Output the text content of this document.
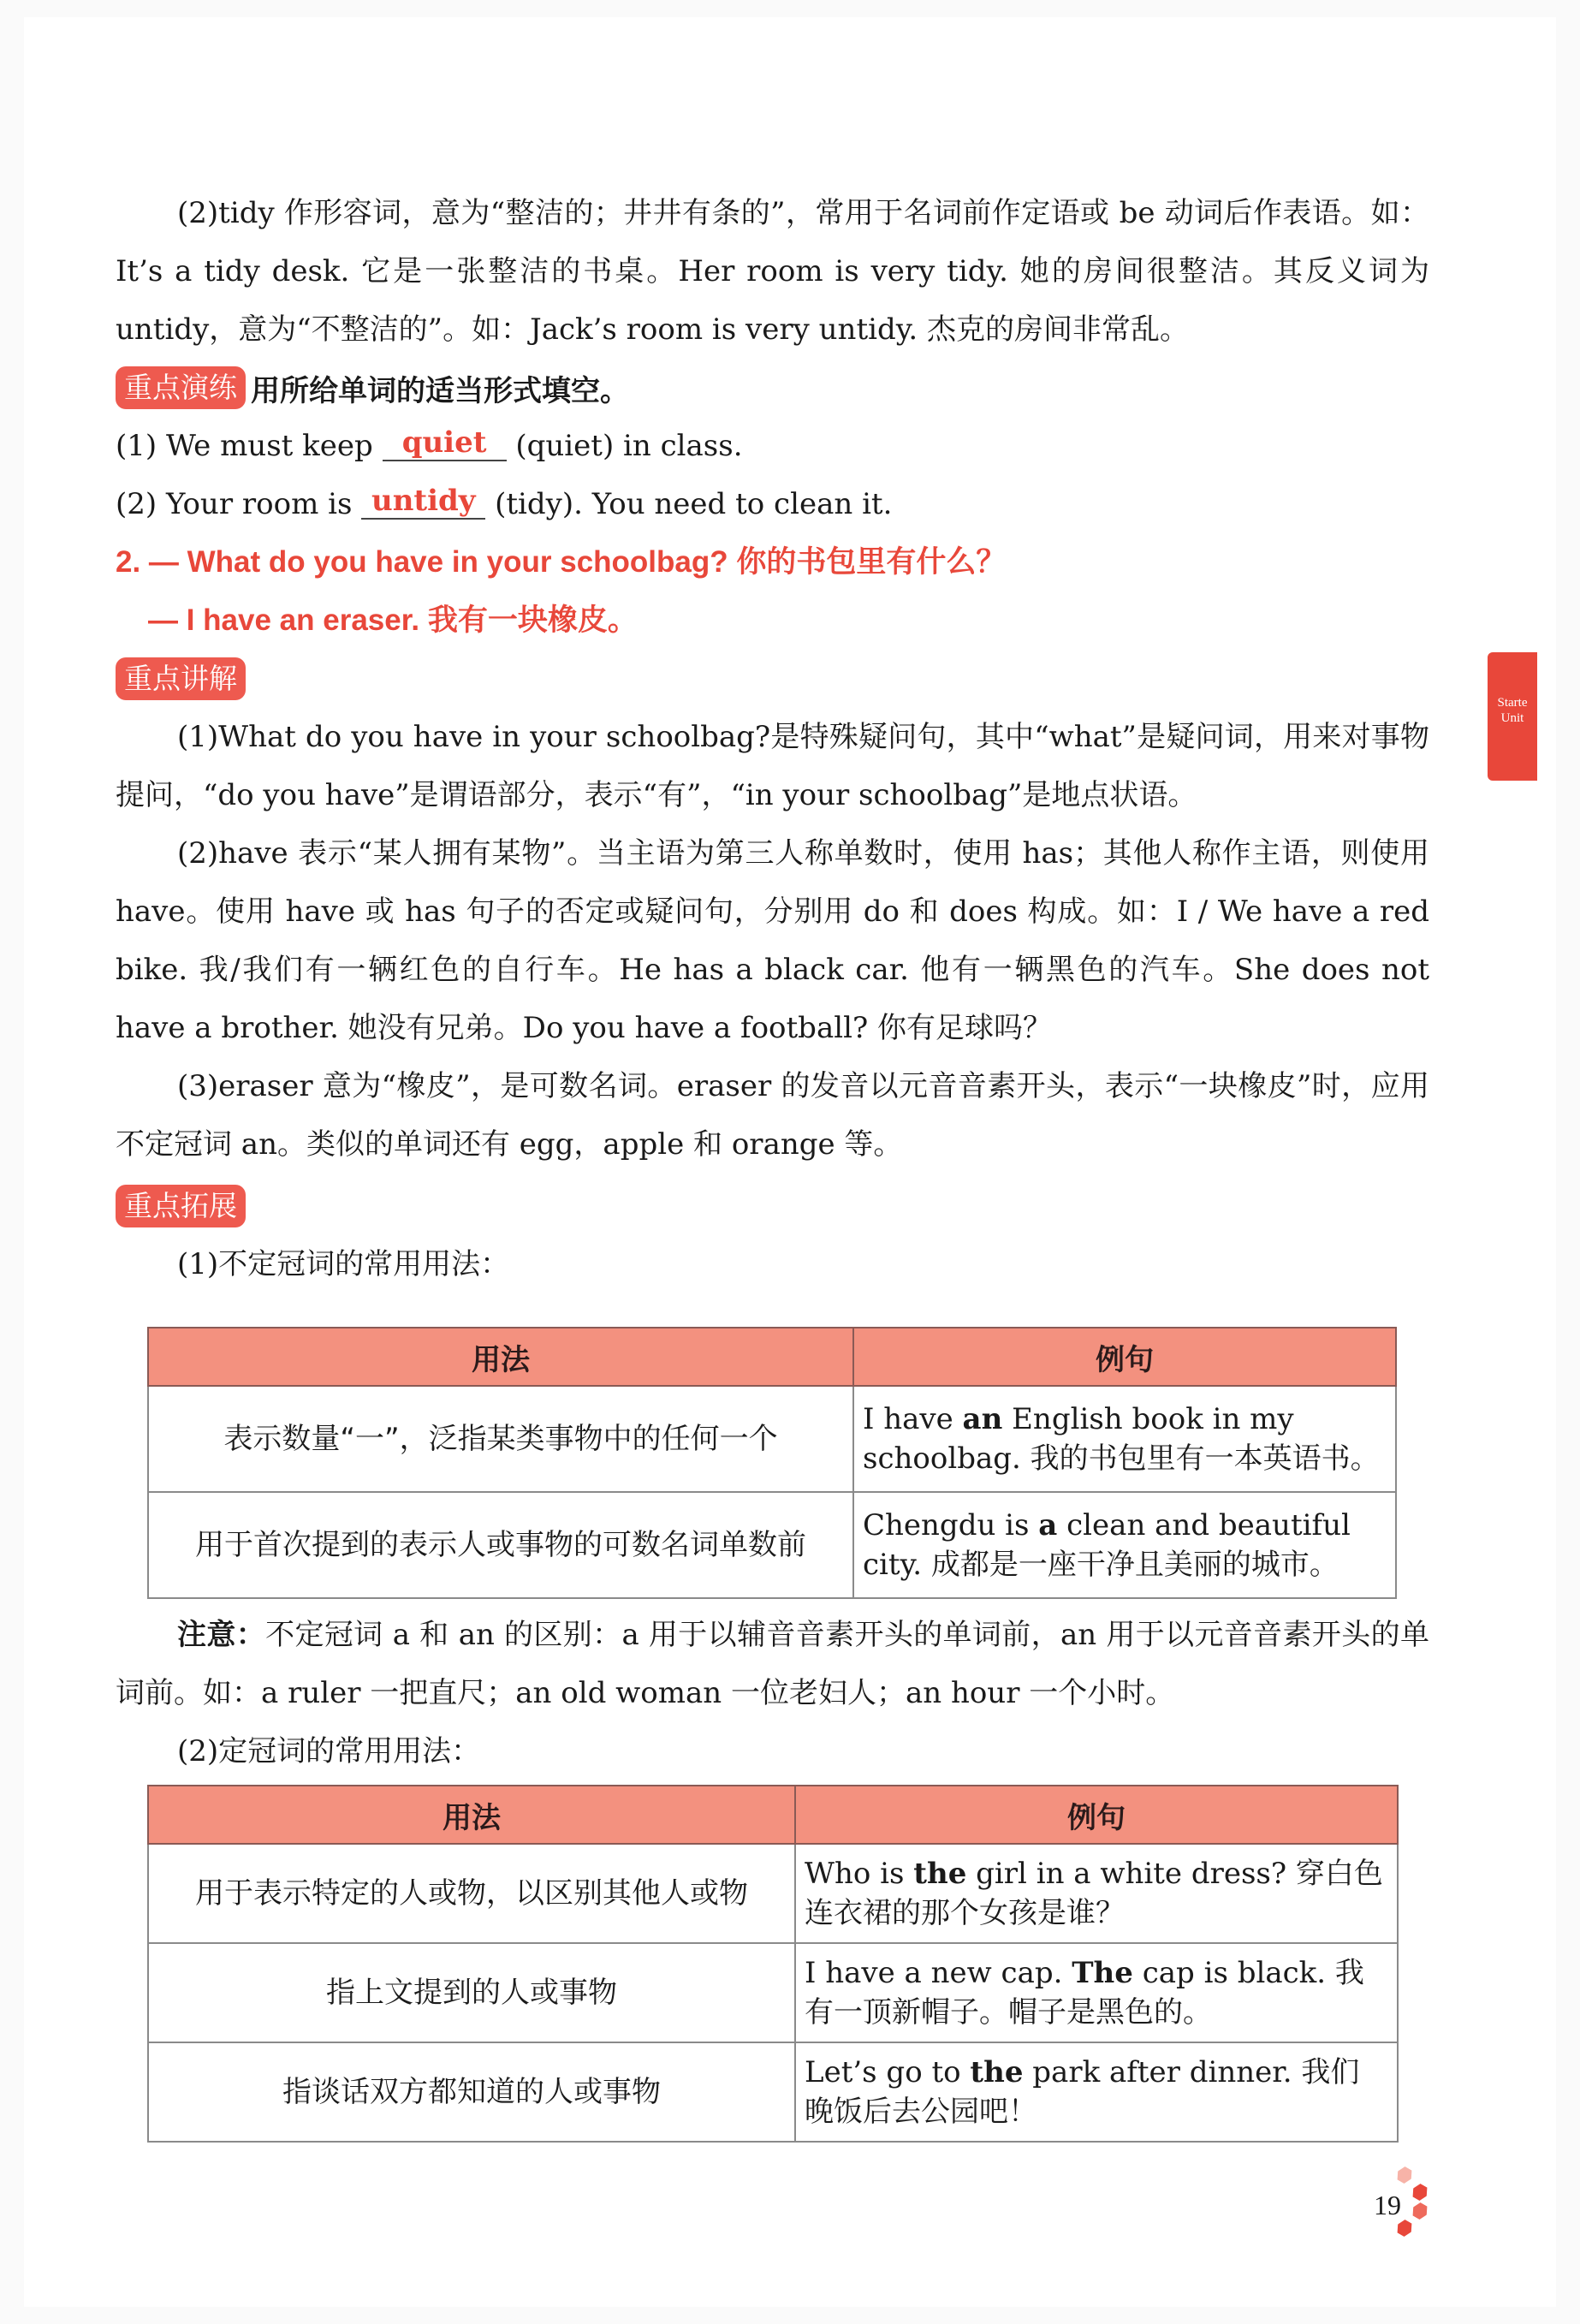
(2)tidy 作形容词，意为“整洁的；井井有条的”，常用于名词前作定语或 be 动词后作表语。如：It’s a tidy desk. 它是一张整洁的书桌。Her room is very tidy. 她的房间很整洁。其反义词为 untidy，意为“不整洁的”。如：Jack’s room is very untidy. 杰克的房间非常乱。

重点演练 用所给单词的适当形式填空。

(1) We must keep quiet (quiet) in class.

(2) Your room is untidy (tidy). You need to clean it.

2. — What do you have in your schoolbag? 你的书包里有什么？

— I have an eraser. 我有一块橡皮。

重点讲解

(1)What do you have in your schoolbag?是特殊疑问句，其中“what”是疑问词，用来对事物提问，“do you have”是谓语部分，表示“有”，“in your schoolbag”是地点状语。

(2)have 表示“某人拥有某物”。当主语为第三人称单数时，使用 has；其他人称作主语，则使用 have。使用 have 或 has 句子的否定或疑问句，分别用 do 和 does 构成。如：I / We have a red bike. 我/我们有一辆红色的自行车。He has a black car. 他有一辆黑色的汽车。She does not have a brother. 她没有兄弟。Do you have a football? 你有足球吗？

(3)eraser 意为“橡皮”，是可数名词。eraser 的发音以元音音素开头，表示“一块橡皮”时，应用不定冠词 an。类似的单词还有 egg，apple 和 orange 等。

重点拓展

(1)不定冠词的常用用法：

用法	例句
表示数量“一”，泛指某类事物中的任何一个	I have an English book in my schoolbag. 我的书包里有一本英语书。
用于首次提到的表示人或事物的可数名词单数前	Chengdu is a clean and beautiful city. 成都是一座干净且美丽的城市。

注意：不定冠词 a 和 an 的区别：a 用于以辅音音素开头的单词前，an 用于以元音音素开头的单词前。如：a ruler 一把直尺；an old woman 一位老妇人；an hour 一个小时。

(2)定冠词的常用用法：

用法	例句
用于表示特定的人或物，以区别其他人或物	Who is the girl in a white dress? 穿白色连衣裙的那个女孩是谁？
指上文提到的人或事物	I have a new cap. The cap is black. 我有一顶新帽子。帽子是黑色的。
指谈话双方都知道的人或事物	Let’s go to the park after dinner. 我们晚饭后去公园吧！
Starte
Unit
19
